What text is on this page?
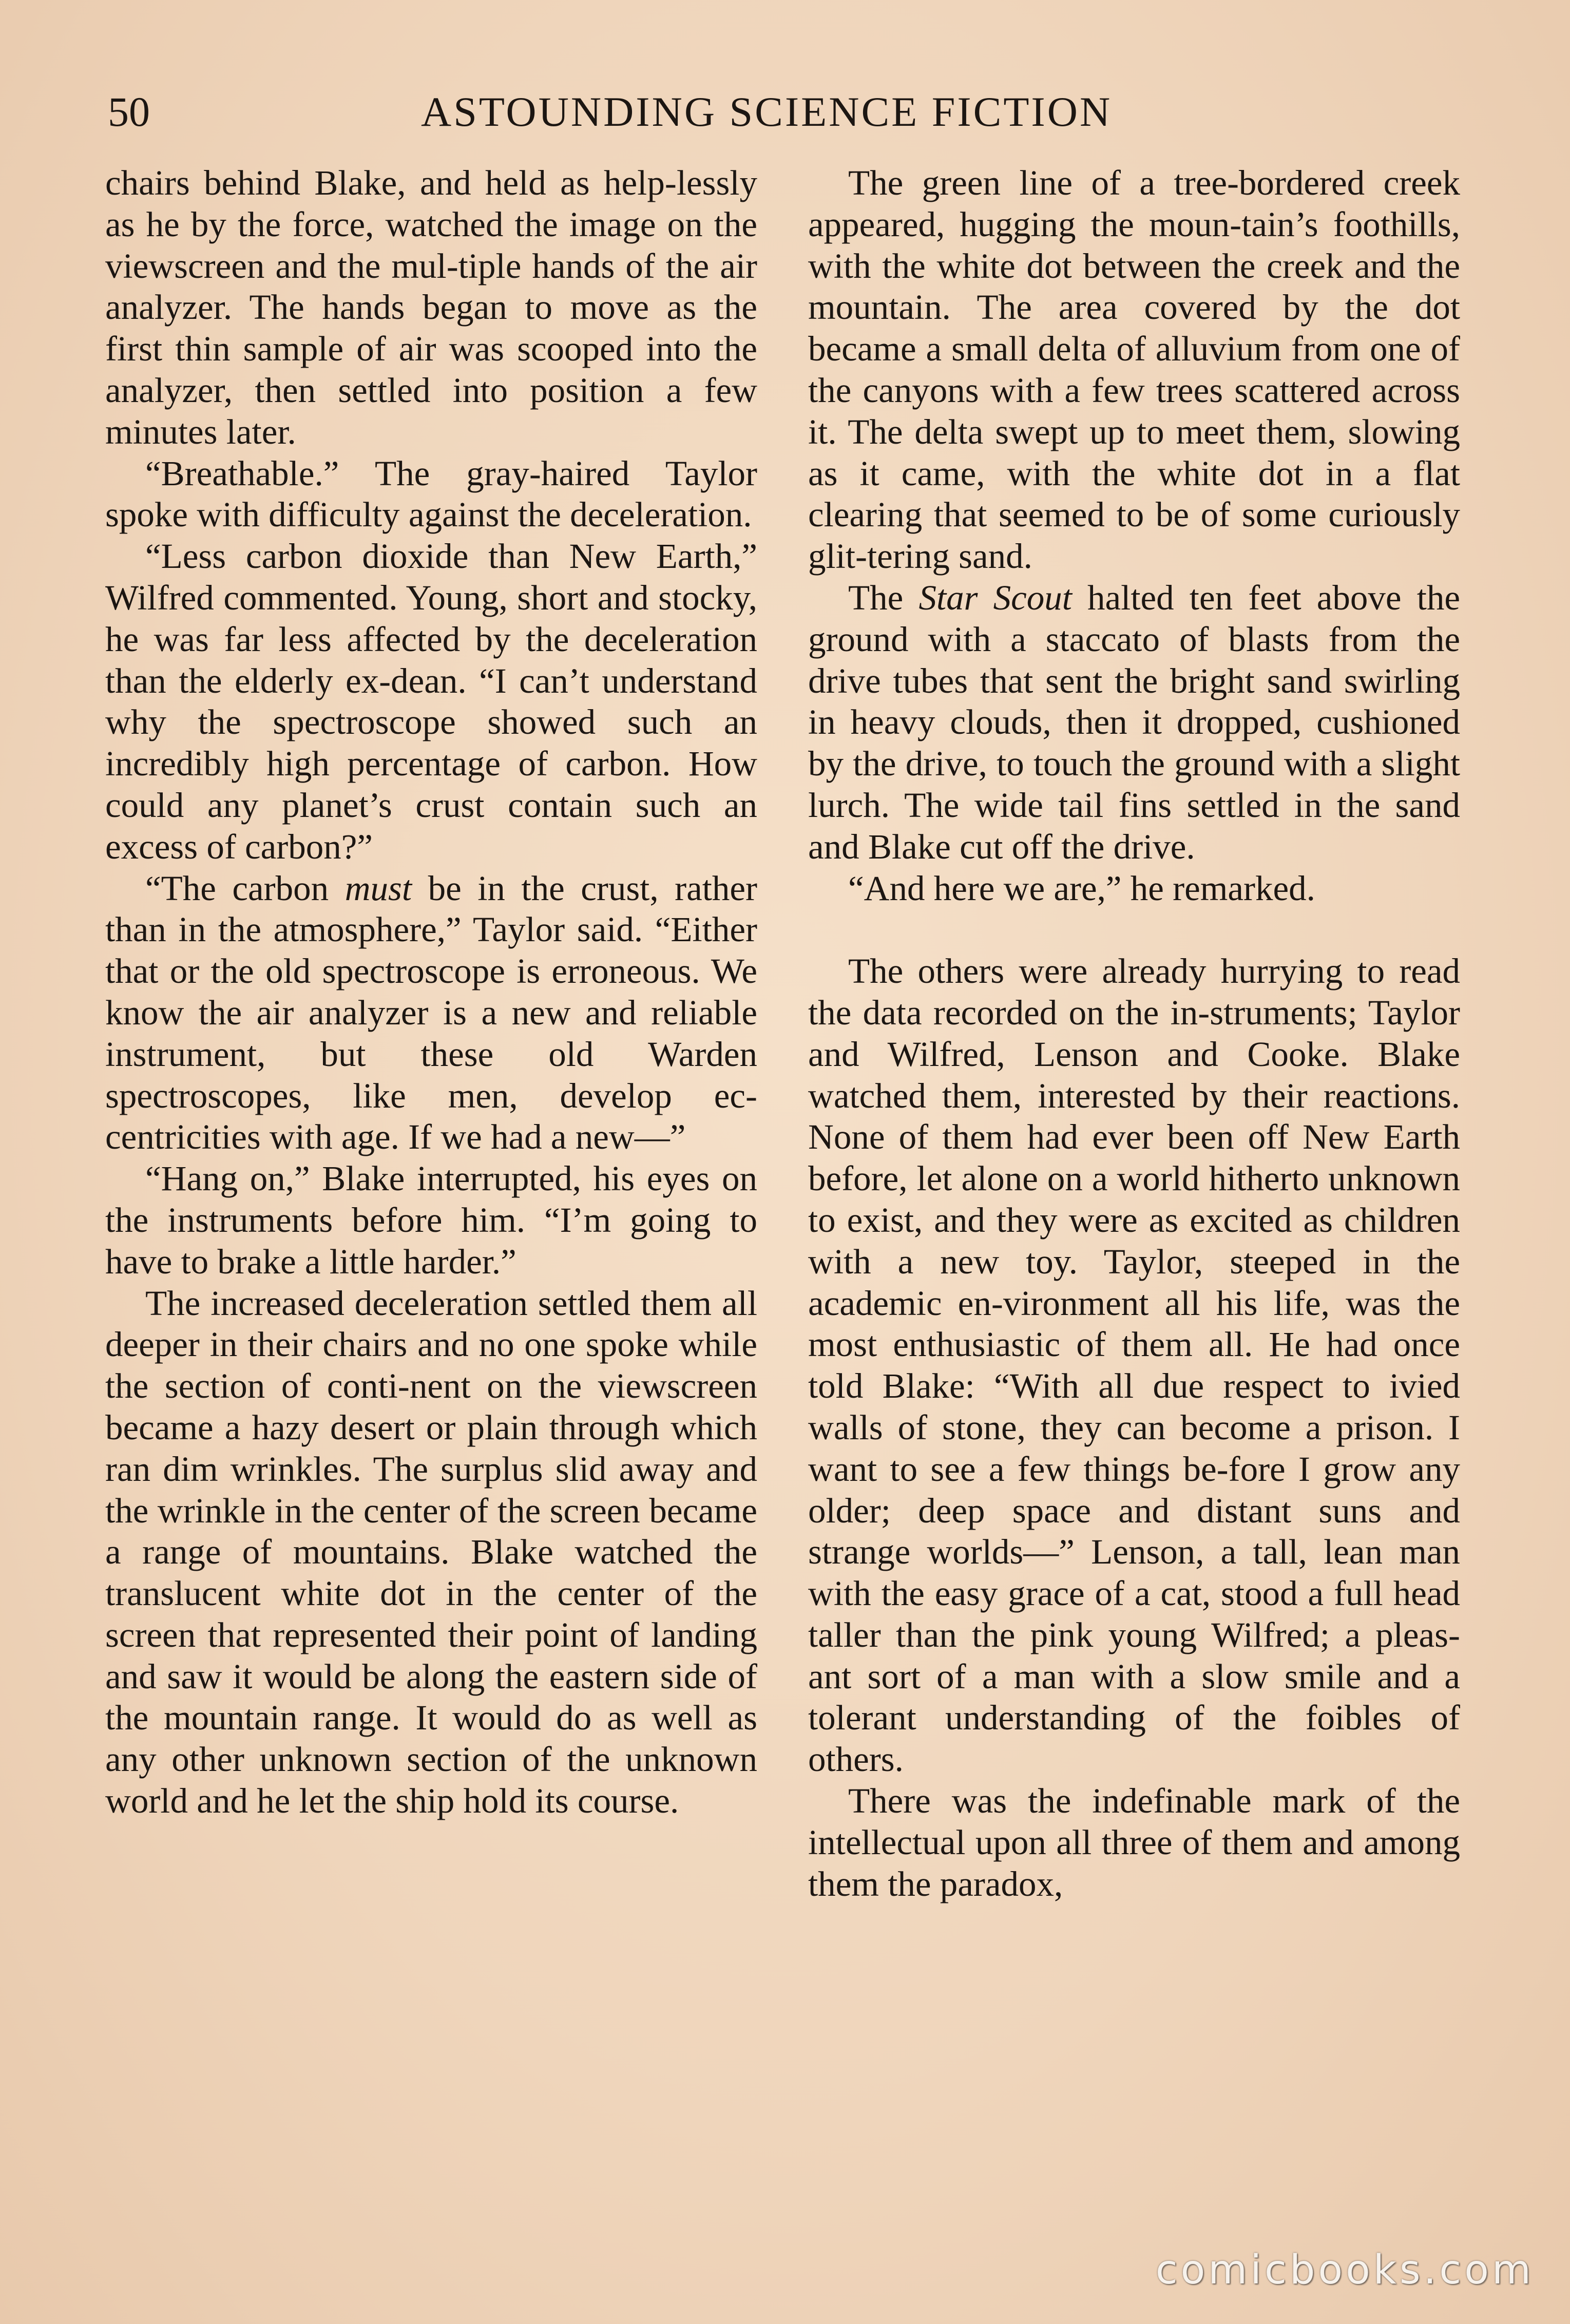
50	ASTOUNDING SCIENCE FICTION

chairs behind Blake, and held as help-lessly as he by the force, watched the image on the viewscreen and the mul-tiple hands of the air analyzer. The hands began to move as the first thin sample of air was scooped into the analyzer, then settled into position a few minutes later.

“Breathable.” The gray-haired Taylor spoke with difficulty against the deceleration.

“Less carbon dioxide than New Earth,” Wilfred commented. Young, short and stocky, he was far less affected by the deceleration than the elderly ex-dean. “I can’t understand why the spectroscope showed such an incredibly high percentage of carbon. How could any planet’s crust contain such an excess of carbon?”

“The carbon must be in the crust, rather than in the atmosphere,” Taylor said. “Either that or the old spectroscope is erroneous. We know the air analyzer is a new and reliable instrument, but these old Warden spectroscopes, like men, develop ec-centricities with age. If we had a new—”

“Hang on,” Blake interrupted, his eyes on the instruments before him. “I’m going to have to brake a little harder.”

The increased deceleration settled them all deeper in their chairs and no one spoke while the section of conti-nent on the viewscreen became a hazy desert or plain through which ran dim wrinkles. The surplus slid away and the wrinkle in the center of the screen became a range of mountains. Blake watched the translucent white dot in the center of the screen that represented their point of landing and saw it would be along the eastern side of the mountain range. It would do as well as any other unknown section of the unknown world and he let the ship hold its course.

The green line of a tree-bordered creek appeared, hugging the moun-tain’s foothills, with the white dot between the creek and the mountain. The area covered by the dot became a small delta of alluvium from one of the canyons with a few trees scattered across it. The delta swept up to meet them, slowing as it came, with the white dot in a flat clearing that seemed to be of some curiously glit-tering sand.

The Star Scout halted ten feet above the ground with a staccato of blasts from the drive tubes that sent the bright sand swirling in heavy clouds, then it dropped, cushioned by the drive, to touch the ground with a slight lurch. The wide tail fins settled in the sand and Blake cut off the drive.

“And here we are,” he remarked.

The others were already hurrying to read the data recorded on the in-struments; Taylor and Wilfred, Lenson and Cooke. Blake watched them, interested by their reactions. None of them had ever been off New Earth before, let alone on a world hitherto unknown to exist, and they were as excited as children with a new toy. Taylor, steeped in the academic en-vironment all his life, was the most enthusiastic of them all. He had once told Blake: “With all due respect to ivied walls of stone, they can become a prison. I want to see a few things be-fore I grow any older; deep space and distant suns and strange worlds—” Lenson, a tall, lean man with the easy grace of a cat, stood a full head taller than the pink young Wilfred; a pleas-ant sort of a man with a slow smile and a tolerant understanding of the foibles of others.

There was the indefinable mark of the intellectual upon all three of them and among them the paradox,

comicbooks.com
